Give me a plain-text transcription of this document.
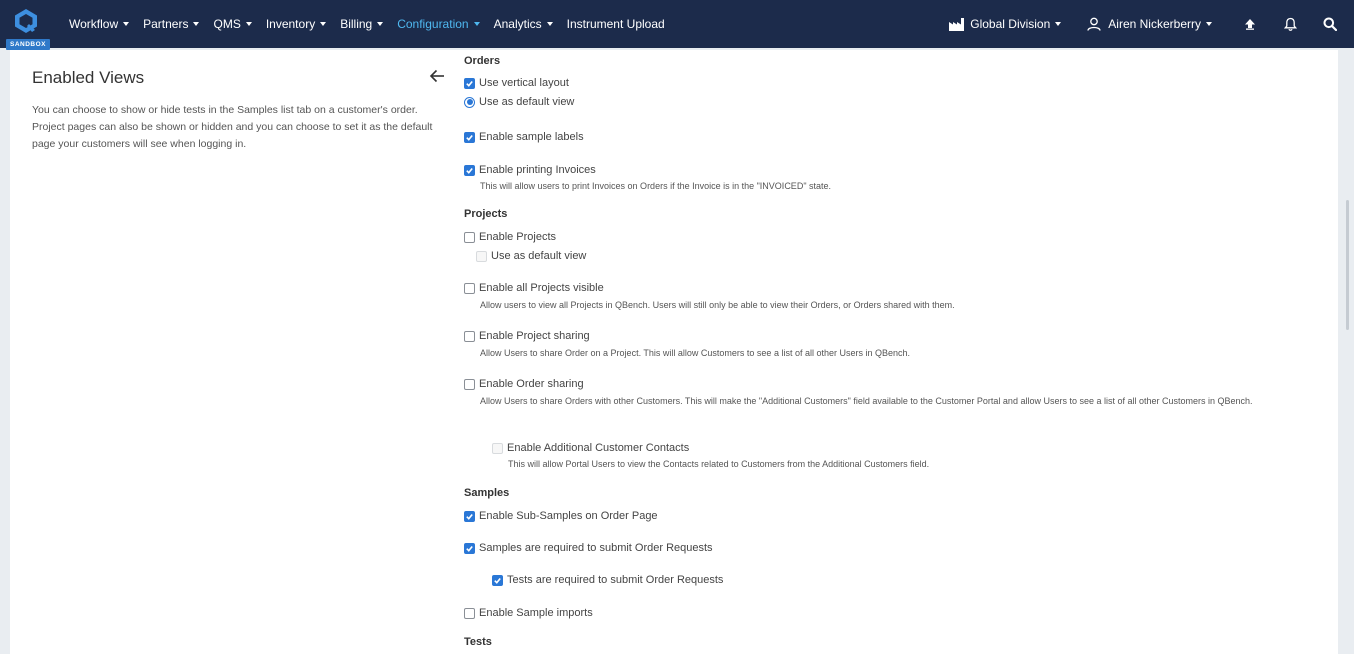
SANDBOX
Workflow Partners QMS Inventory Billing Configuration Analytics Instrument Upload	Global Division	Airen Nickerberry
Enabled Views

You can choose to show or hide tests in the Samples list tab on a customer's order. Project pages can also be shown or hidden and you can choose to set it as the default page your customers will see when logging in.

Orders
Use vertical layout
Use as default view
Enable sample labels
Enable printing Invoices
This will allow users to print Invoices on Orders if the Invoice is in the "INVOICED" state.
Projects
Enable Projects
Use as default view
Enable all Projects visible
Allow users to view all Projects in QBench. Users will still only be able to view their Orders, or Orders shared with them.
Enable Project sharing
Allow Users to share Order on a Project. This will allow Customers to see a list of all other Users in QBench.
Enable Order sharing
Allow Users to share Orders with other Customers. This will make the "Additional Customers" field available to the Customer Portal and allow Users to see a list of all other Customers in QBench.
Enable Additional Customer Contacts
This will allow Portal Users to view the Contacts related to Customers from the Additional Customers field.
Samples
Enable Sub-Samples on Order Page
Samples are required to submit Order Requests
Tests are required to submit Order Requests
Enable Sample imports
Tests
